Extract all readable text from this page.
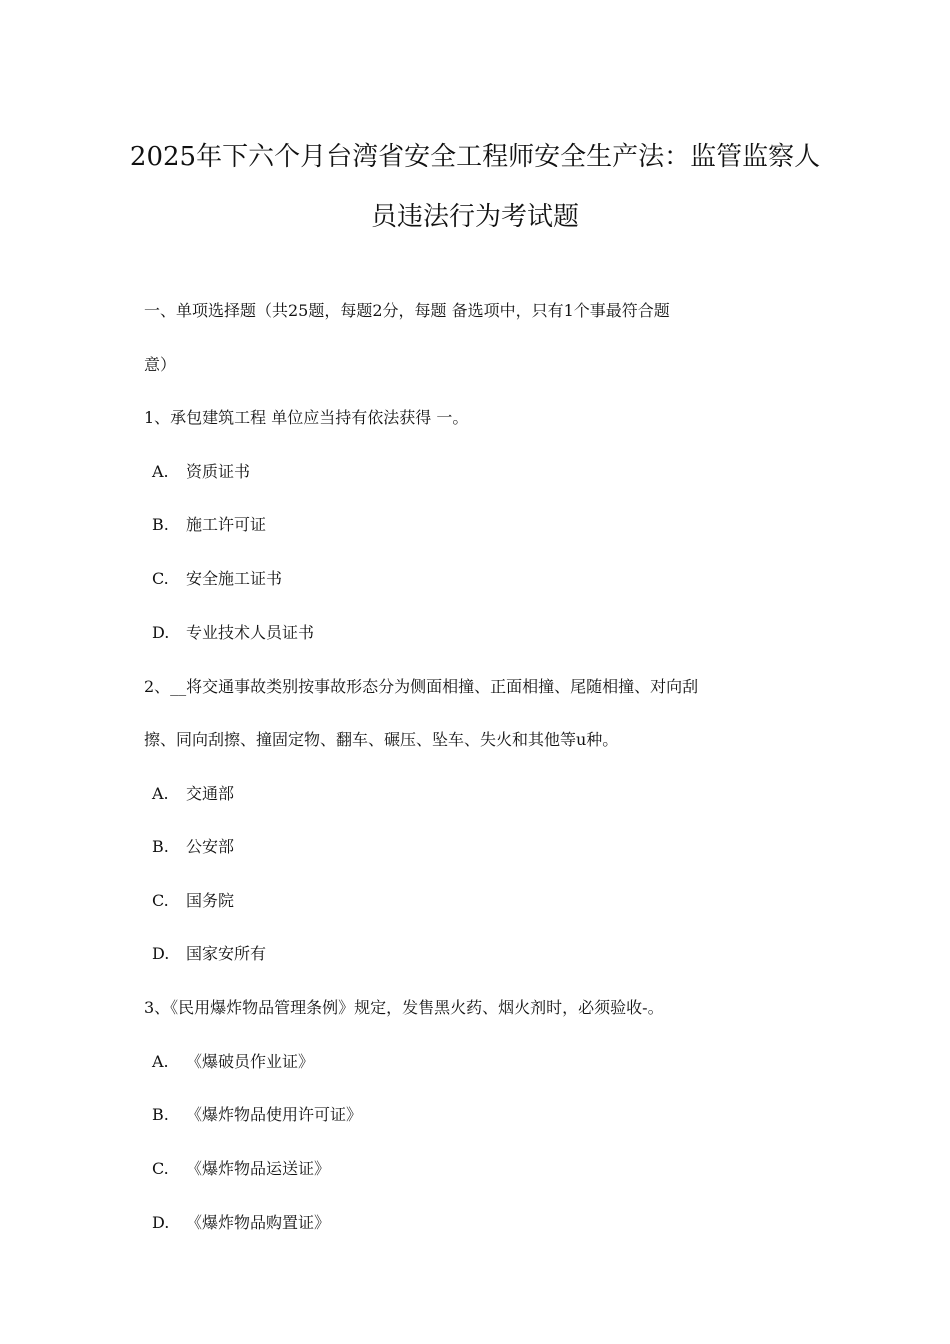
2025年下六个月台湾省安全工程师安全生产法：监管监察人
员违法行为考试题
一、单项选择题（共25题，每题2分，每题 备选项中，只有1个事最符合题
意）
1、承包建筑工程 单位应当持有依法获得 一。
A. 资质证书
B. 施工许可证
C. 安全施工证书
D. 专业技术人员证书
2、__将交通事故类别按事故形态分为侧面相撞、正面相撞、尾随相撞、对向刮
擦、同向刮擦、撞固定物、翻车、碾压、坠车、失火和其他等u种。
A. 交通部
B. 公安部
C. 国务院
D. 国家安所有
3、《民用爆炸物品管理条例》规定，发售黑火药、烟火剂时，必须验收-。
A. 《爆破员作业证》
B. 《爆炸物品使用许可证》
C. 《爆炸物品运送证》
D. 《爆炸物品购置证》
